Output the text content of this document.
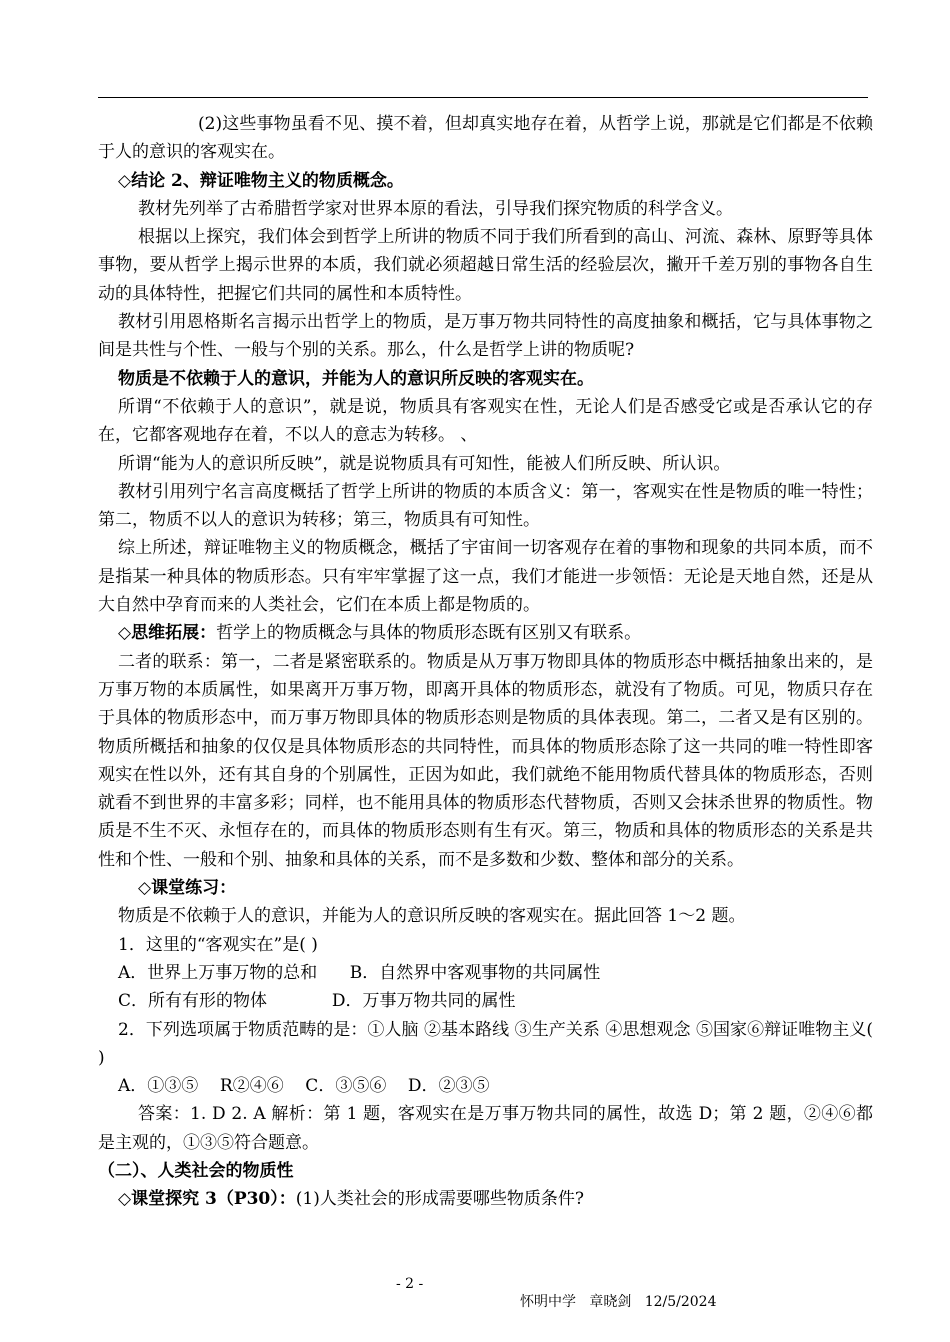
(2)这些事物虽看不见、摸不着，但却真实地存在着，从哲学上说，那就是它们都是不依赖于人的意识的客观实在。

◇结论 2、辩证唯物主义的物质概念。

教材先列举了古希腊哲学家对世界本原的看法，引导我们探究物质的科学含义。

根据以上探究，我们体会到哲学上所讲的物质不同于我们所看到的高山、河流、森林、原野等具体事物，要从哲学上揭示世界的本质，我们就必须超越日常生活的经验层次，撇开千差万别的事物各自生动的具体特性，把握它们共同的属性和本质特性。

教材引用恩格斯名言揭示出哲学上的物质，是万事万物共同特性的高度抽象和概括，它与具体事物之间是共性与个性、一般与个别的关系。那么，什么是哲学上讲的物质呢?

物质是不依赖于人的意识，并能为人的意识所反映的客观实在。

所谓“不依赖于人的意识”，就是说，物质具有客观实在性，无论人们是否感受它或是否承认它的存在，它都客观地存在着，不以人的意志为转移。 、

所谓“能为人的意识所反映”，就是说物质具有可知性，能被人们所反映、所认识。

教材引用列宁名言高度概括了哲学上所讲的物质的本质含义：第一，客观实在性是物质的唯一特性；第二，物质不以人的意识为转移；第三，物质具有可知性。

综上所述，辩证唯物主义的物质概念，概括了宇宙间一切客观存在着的事物和现象的共同本质，而不是指某一种具体的物质形态。只有牢牢掌握了这一点，我们才能进一步领悟：无论是天地自然，还是从大自然中孕育而来的人类社会，它们在本质上都是物质的。

◇思维拓展：哲学上的物质概念与具体的物质形态既有区别又有联系。

二者的联系：第一，二者是紧密联系的。物质是从万事万物即具体的物质形态中概括抽象出来的，是万事万物的本质属性，如果离开万事万物，即离开具体的物质形态，就没有了物质。可见，物质只存在于具体的物质形态中，而万事万物即具体的物质形态则是物质的具体表现。第二，二者又是有区别的。物质所概括和抽象的仅仅是具体物质形态的共同特性，而具体的物质形态除了这一共同的唯一特性即客观实在性以外，还有其自身的个别属性，正因为如此，我们就绝不能用物质代替具体的物质形态，否则就看不到世界的丰富多彩；同样，也不能用具体的物质形态代替物质，否则又会抹杀世界的物质性。物质是不生不灭、永恒存在的，而具体的物质形态则有生有灭。第三，物质和具体的物质形态的关系是共性和个性、一般和个别、抽象和具体的关系，而不是多数和少数、整体和部分的关系。

◇课堂练习：

物质是不依赖于人的意识，并能为人的意识所反映的客观实在。据此回答 1～2 题。

1．这里的“客观实在”是( )

A．世界上万事万物的总和      B．自然界中客观事物的共同属性

C．所有有形的物体            D．万事万物共同的属性

2．下列选项属于物质范畴的是：①人脑 ②基本路线 ③生产关系 ④思想观念 ⑤国家⑥辩证唯物主义( )

A．①③⑤    R②④⑥    C．③⑤⑥    D．②③⑤

答案：1. D 2. A 解析：第 1 题，客观实在是万事万物共同的属性，故选 D；第 2 题，②④⑥都是主观的，①③⑤符合题意。

（二）、人类社会的物质性

◇课堂探究 3（P30）：(1)人类社会的形成需要哪些物质条件?

- 2 -

怀明中学   章晓剑   12/5/2024
